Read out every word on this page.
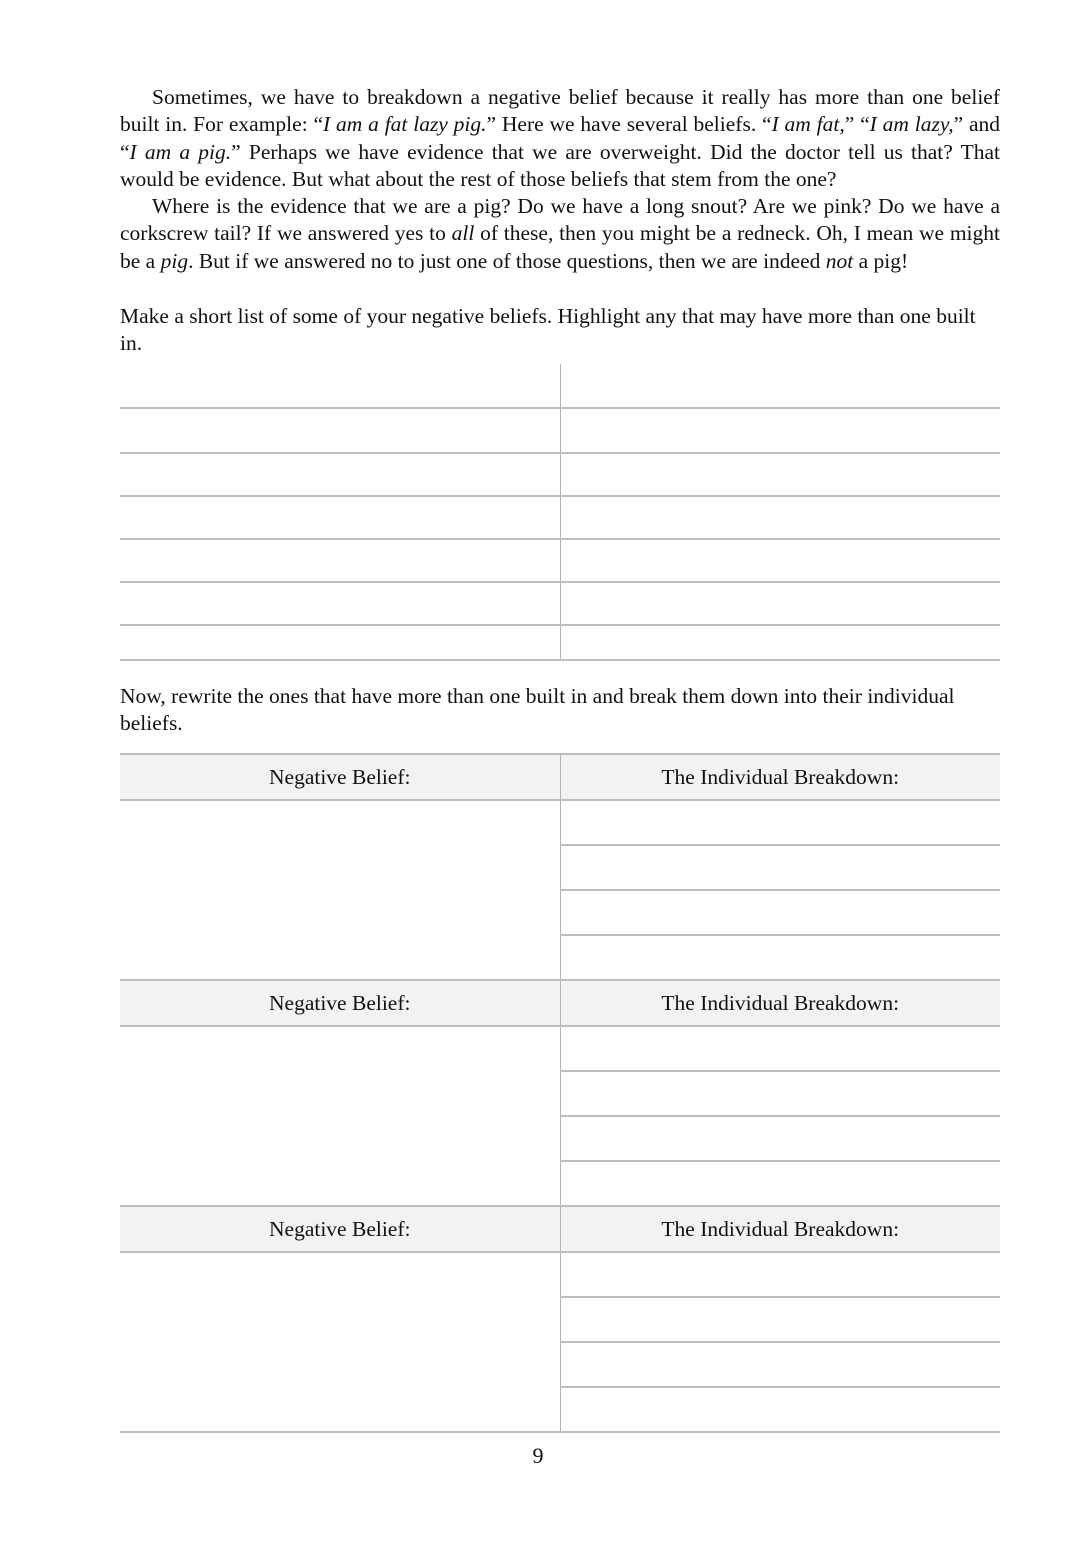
Sometimes, we have to breakdown a negative belief because it really has more than one belief built in. For example: “I am a fat lazy pig.” Here we have several beliefs. “I am fat,” “I am lazy,” and “I am a pig.” Perhaps we have evidence that we are overweight. Did the doctor tell us that? That would be evidence. But what about the rest of those beliefs that stem from the one?

Where is the evidence that we are a pig? Do we have a long snout? Are we pink? Do we have a corkscrew tail? If we answered yes to all of these, then you might be a redneck. Oh, I mean we might be a pig. But if we answered no to just one of those questions, then we are indeed not a pig!

Make a short list of some of your negative beliefs. Highlight any that may have more than one built in.

Now, rewrite the ones that have more than one built in and break them down into their individual beliefs.

Negative Belief:	The Individual Breakdown:

Negative Belief:	The Individual Breakdown:

Negative Belief:	The Individual Breakdown:

9
